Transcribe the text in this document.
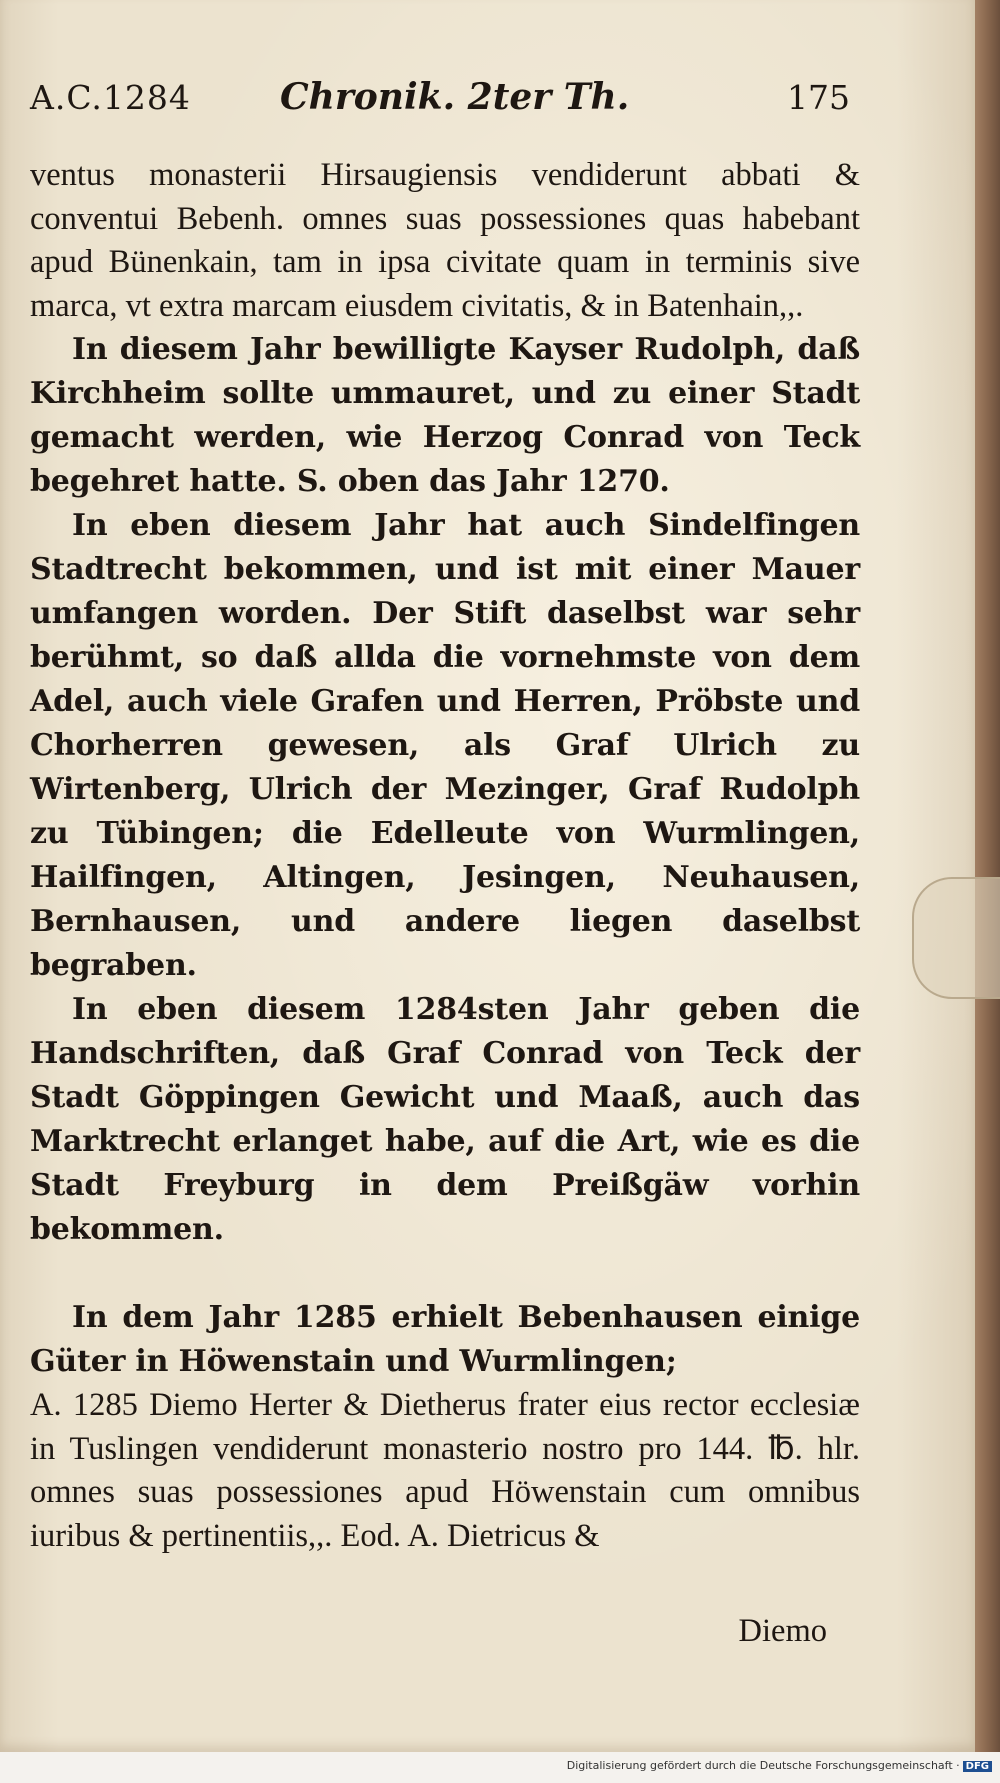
A.C.1284 Chronik. 2ter Th.	175

ventus monasterii Hirsaugiensis vendiderunt abbati & conventui Bebenh. omnes suas possessiones quas habebant apud Bünenkain, tam in ipsa civitate quam in terminis sive marca, vt extra marcam eiusdem civitatis, & in Batenhain,,.

In diesem Jahr bewilligte Kayser Rudolph, daß Kirchheim sollte ummauret, und zu einer Stadt gemacht werden, wie Herzog Conrad von Teck begehret hatte. S. oben das Jahr 1270.

In eben diesem Jahr hat auch Sindelfingen Stadtrecht bekommen, und ist mit einer Mauer umfangen worden. Der Stift daselbst war sehr berühmt, so daß allda die vornehmste von dem Adel, auch viele Grafen und Herren, Pröbste und Chorherren gewesen, als Graf Ulrich zu Wirtenberg, Ulrich der Mezinger, Graf Rudolph zu Tübingen; die Edelleute von Wurmlingen, Hailfingen, Altingen, Jesingen, Neuhausen, Bernhausen, und andere liegen daselbst begraben.

In eben diesem 1284sten Jahr geben die Handschriften, daß Graf Conrad von Teck der Stadt Göppingen Gewicht und Maaß, auch das Marktrecht erlanget habe, auf die Art, wie es die Stadt Freyburg in dem Preißgäw vorhin bekommen.

In dem Jahr 1285 erhielt Bebenhausen einige Güter in Höwenstain und Wurmlingen;

A. 1285 Diemo Herter & Dietherus frater eius rector ecclesiæ in Tuslingen vendiderunt monasterio nostro pro 144. ℔. hlr. omnes suas possessiones apud Höwenstain cum omnibus iuribus & pertinentiis,,. Eod. A. Dietricus &

Diemo
Digitalisierung gefördert durch die Deutsche Forschungsgemeinschaft · DFG
